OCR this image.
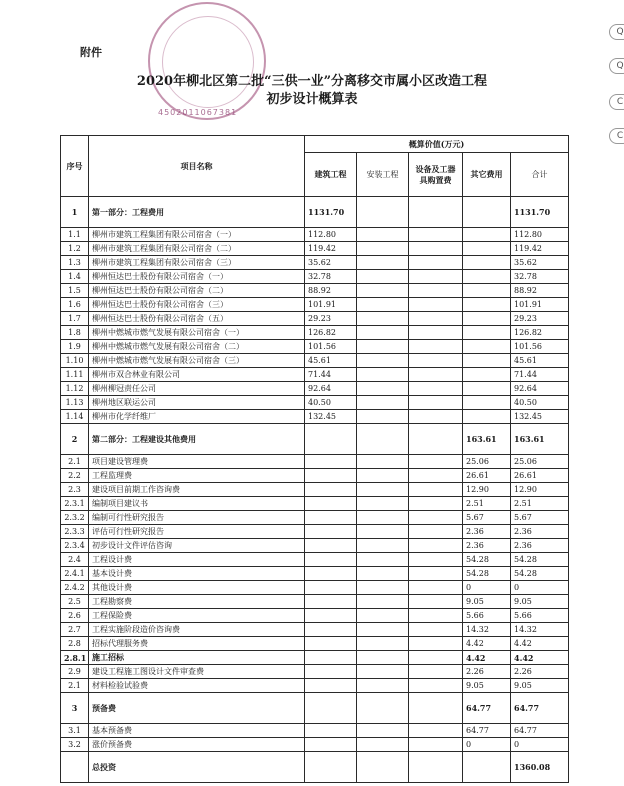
4502011067381
附件
2020年柳北区第二批“三供一业”分离移交市属小区改造工程
初步设计概算表
Q
Q
C
C
序号	项目名称	概算价值(万元)				
		建筑工程	安装工程	设备及工器具购置费	其它费用	合计
1	第一部分：工程费用	1131.70				1131.70
1.1	柳州市建筑工程集团有限公司宿舍（一）	112.80				112.80
1.2	柳州市建筑工程集团有限公司宿舍（二）	119.42				119.42
1.3	柳州市建筑工程集团有限公司宿舍（三）	35.62				35.62
1.4	柳州恒达巴士股份有限公司宿舍（一）	32.78				32.78
1.5	柳州恒达巴士股份有限公司宿舍（二）	88.92				88.92
1.6	柳州恒达巴士股份有限公司宿舍（三）	101.91				101.91
1.7	柳州恒达巴士股份有限公司宿舍（五）	29.23				29.23
1.8	柳州中燃城市燃气发展有限公司宿舍（一）	126.82				126.82
1.9	柳州中燃城市燃气发展有限公司宿舍（二）	101.56				101.56
1.10	柳州中燃城市燃气发展有限公司宿舍（三）	45.61				45.61
1.11	柳州市双合林业有限公司	71.44				71.44
1.12	柳州柳冠责任公司	92.64				92.64
1.13	柳州地区联运公司	40.50				40.50
1.14	柳州市化学纤维厂	132.45				132.45
2	第二部分：工程建设其他费用				163.61	163.61
2.1	项目建设管理费				25.06	25.06
2.2	工程监理费				26.61	26.61
2.3	建设项目前期工作咨询费				12.90	12.90
2.3.1	编制项目建议书				2.51	2.51
2.3.2	编制可行性研究报告				5.67	5.67
2.3.3	评估可行性研究报告				2.36	2.36
2.3.4	初步设计文件评估咨询				2.36	2.36
2.4	工程设计费				54.28	54.28
2.4.1	基本设计费				54.28	54.28
2.4.2	其他设计费				0	0
2.5	工程勘察费				9.05	9.05
2.6	工程保险费				5.66	5.66
2.7	工程实施阶段造价咨询费				14.32	14.32
2.8	招标代理服务费				4.42	4.42
2.8.1	施工招标				4.42	4.42
2.9	建设工程施工图设计文件审查费				2.26	2.26
2.1	材料检验试验费				9.05	9.05
3	预备费				64.77	64.77
3.1	基本预备费				64.77	64.77
3.2	涨价预备费				0	0
	总投资					1360.08
